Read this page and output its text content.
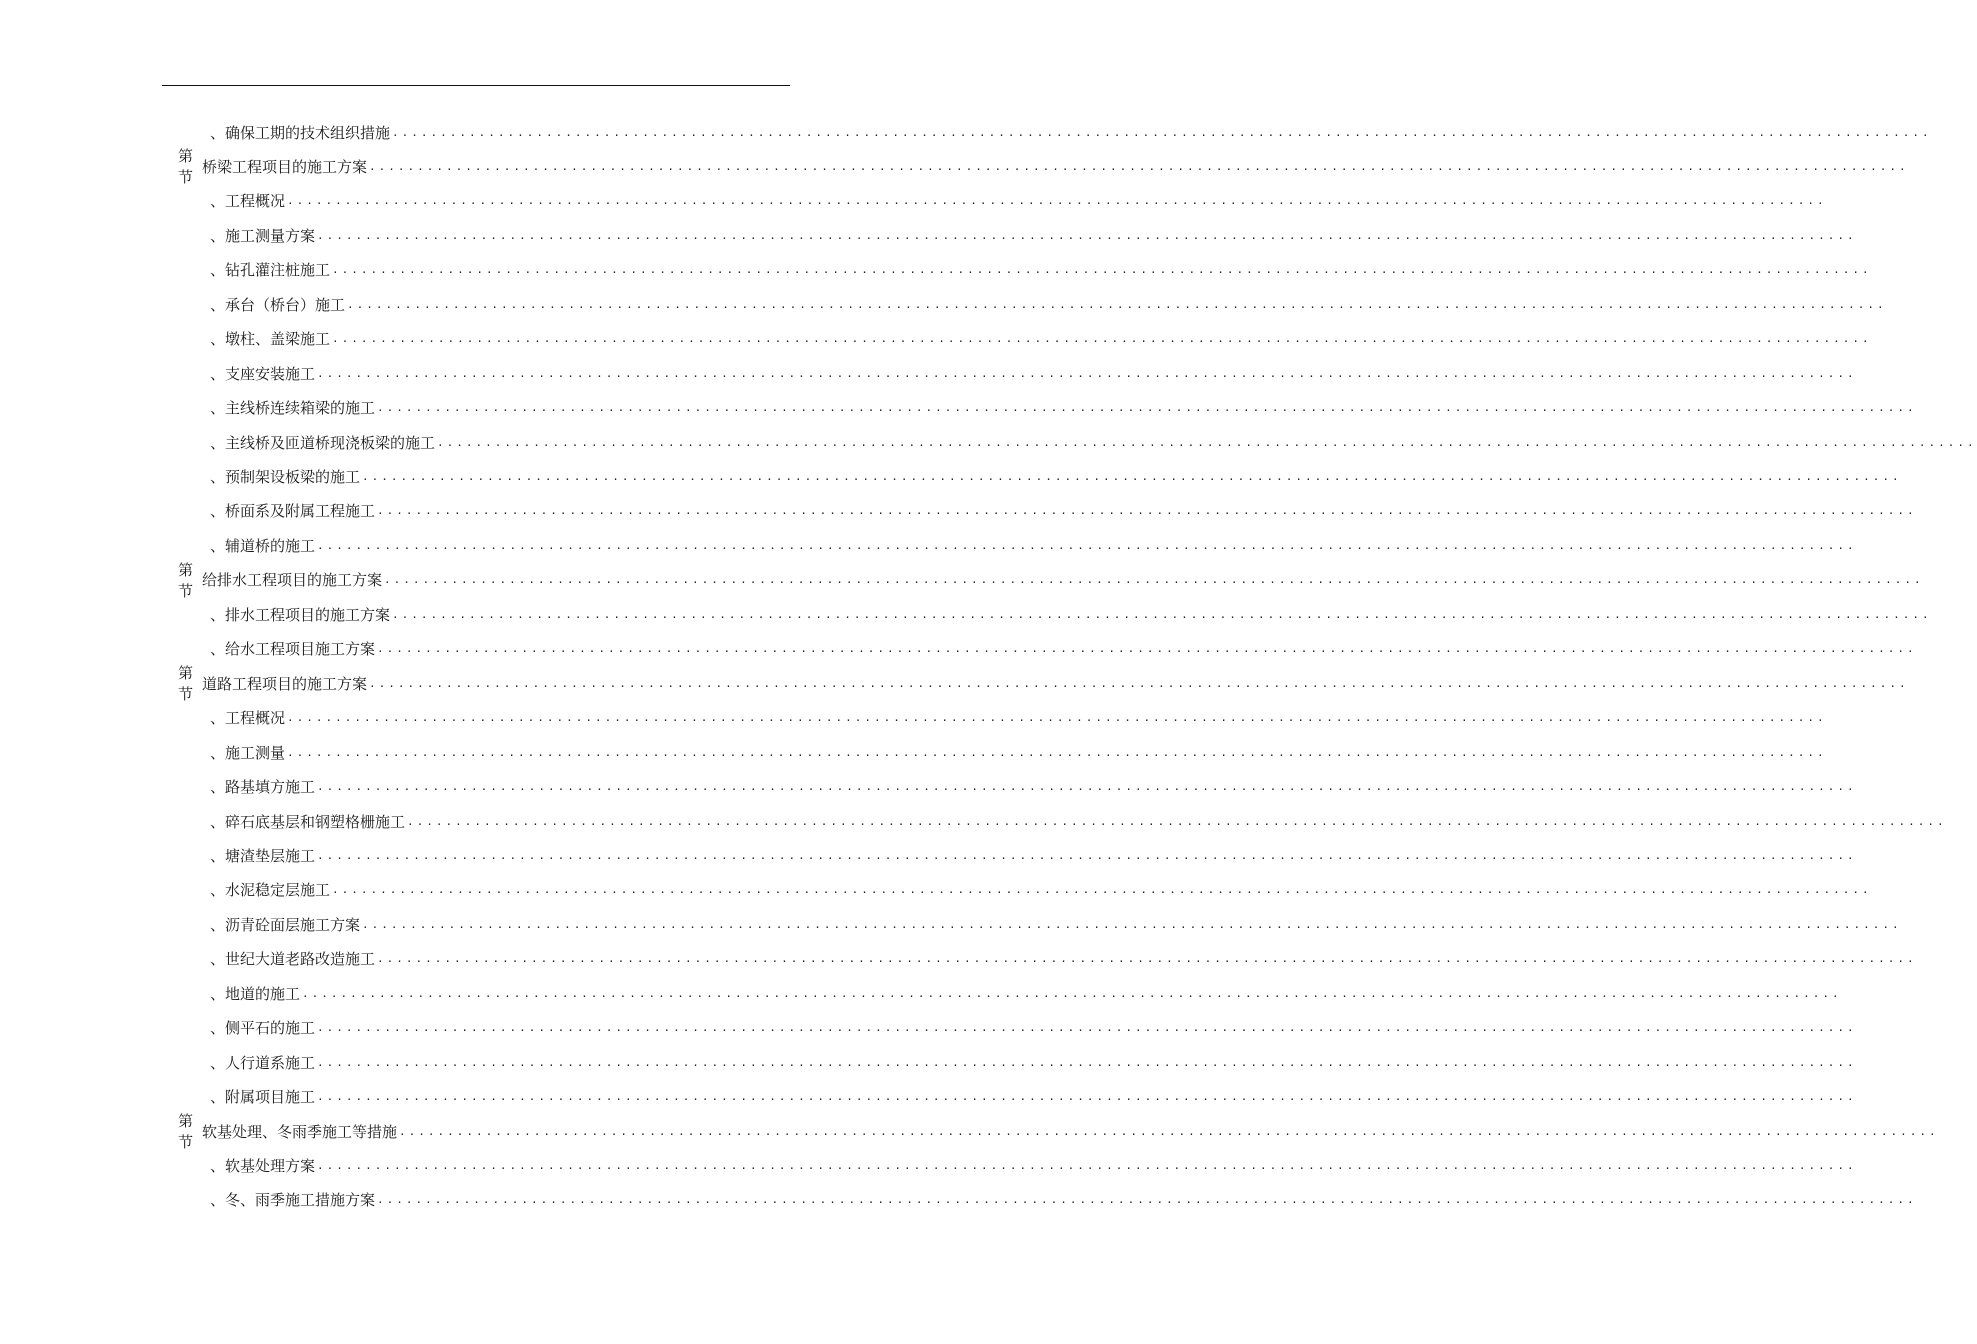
、 确保工期的技术组织措施 ................................................................................................................................................................
第节
桥梁工程项目的施工方案 ................................................................................................................................................................
、 工程概况 ................................................................................................................................................................
、 施工测量方案 ................................................................................................................................................................
、 钻孔灌注桩施工 ................................................................................................................................................................
、 承台（桥台）施工 ................................................................................................................................................................
、 墩柱、盖梁施工 ................................................................................................................................................................
、 支座安装施工 ................................................................................................................................................................
、 主线桥连续箱梁的施工 ................................................................................................................................................................
、 主线桥及匝道桥现浇板梁的施工 ................................................................................................................................................................
、 预制架设板梁的施工 ................................................................................................................................................................
、 桥面系及附属工程施工 ................................................................................................................................................................
、 辅道桥的施工 ................................................................................................................................................................
第节
给排水工程项目的施工方案 ................................................................................................................................................................
、 排水工程项目的施工方案 ................................................................................................................................................................
、 给水工程项目施工方案 ................................................................................................................................................................
第节
道路工程项目的施工方案 ................................................................................................................................................................
、 工程概况 ................................................................................................................................................................
、 施工测量 ................................................................................................................................................................
、 路基填方施工 ................................................................................................................................................................
、 碎石底基层和钢塑格栅施工 ................................................................................................................................................................
、 塘渣垫层施工 ................................................................................................................................................................
、 水泥稳定层施工 ................................................................................................................................................................
、 沥青砼面层施工方案 ................................................................................................................................................................
、 世纪大道老路改造施工 ................................................................................................................................................................
、 地道的施工 ................................................................................................................................................................
、 侧平石的施工 ................................................................................................................................................................
、 人行道系施工 ................................................................................................................................................................
、 附属项目施工 ................................................................................................................................................................
第节
软基处理、冬雨季施工等措施 ................................................................................................................................................................
、 软基处理方案 ................................................................................................................................................................
、 冬、雨季施工措施方案 ................................................................................................................................................................
